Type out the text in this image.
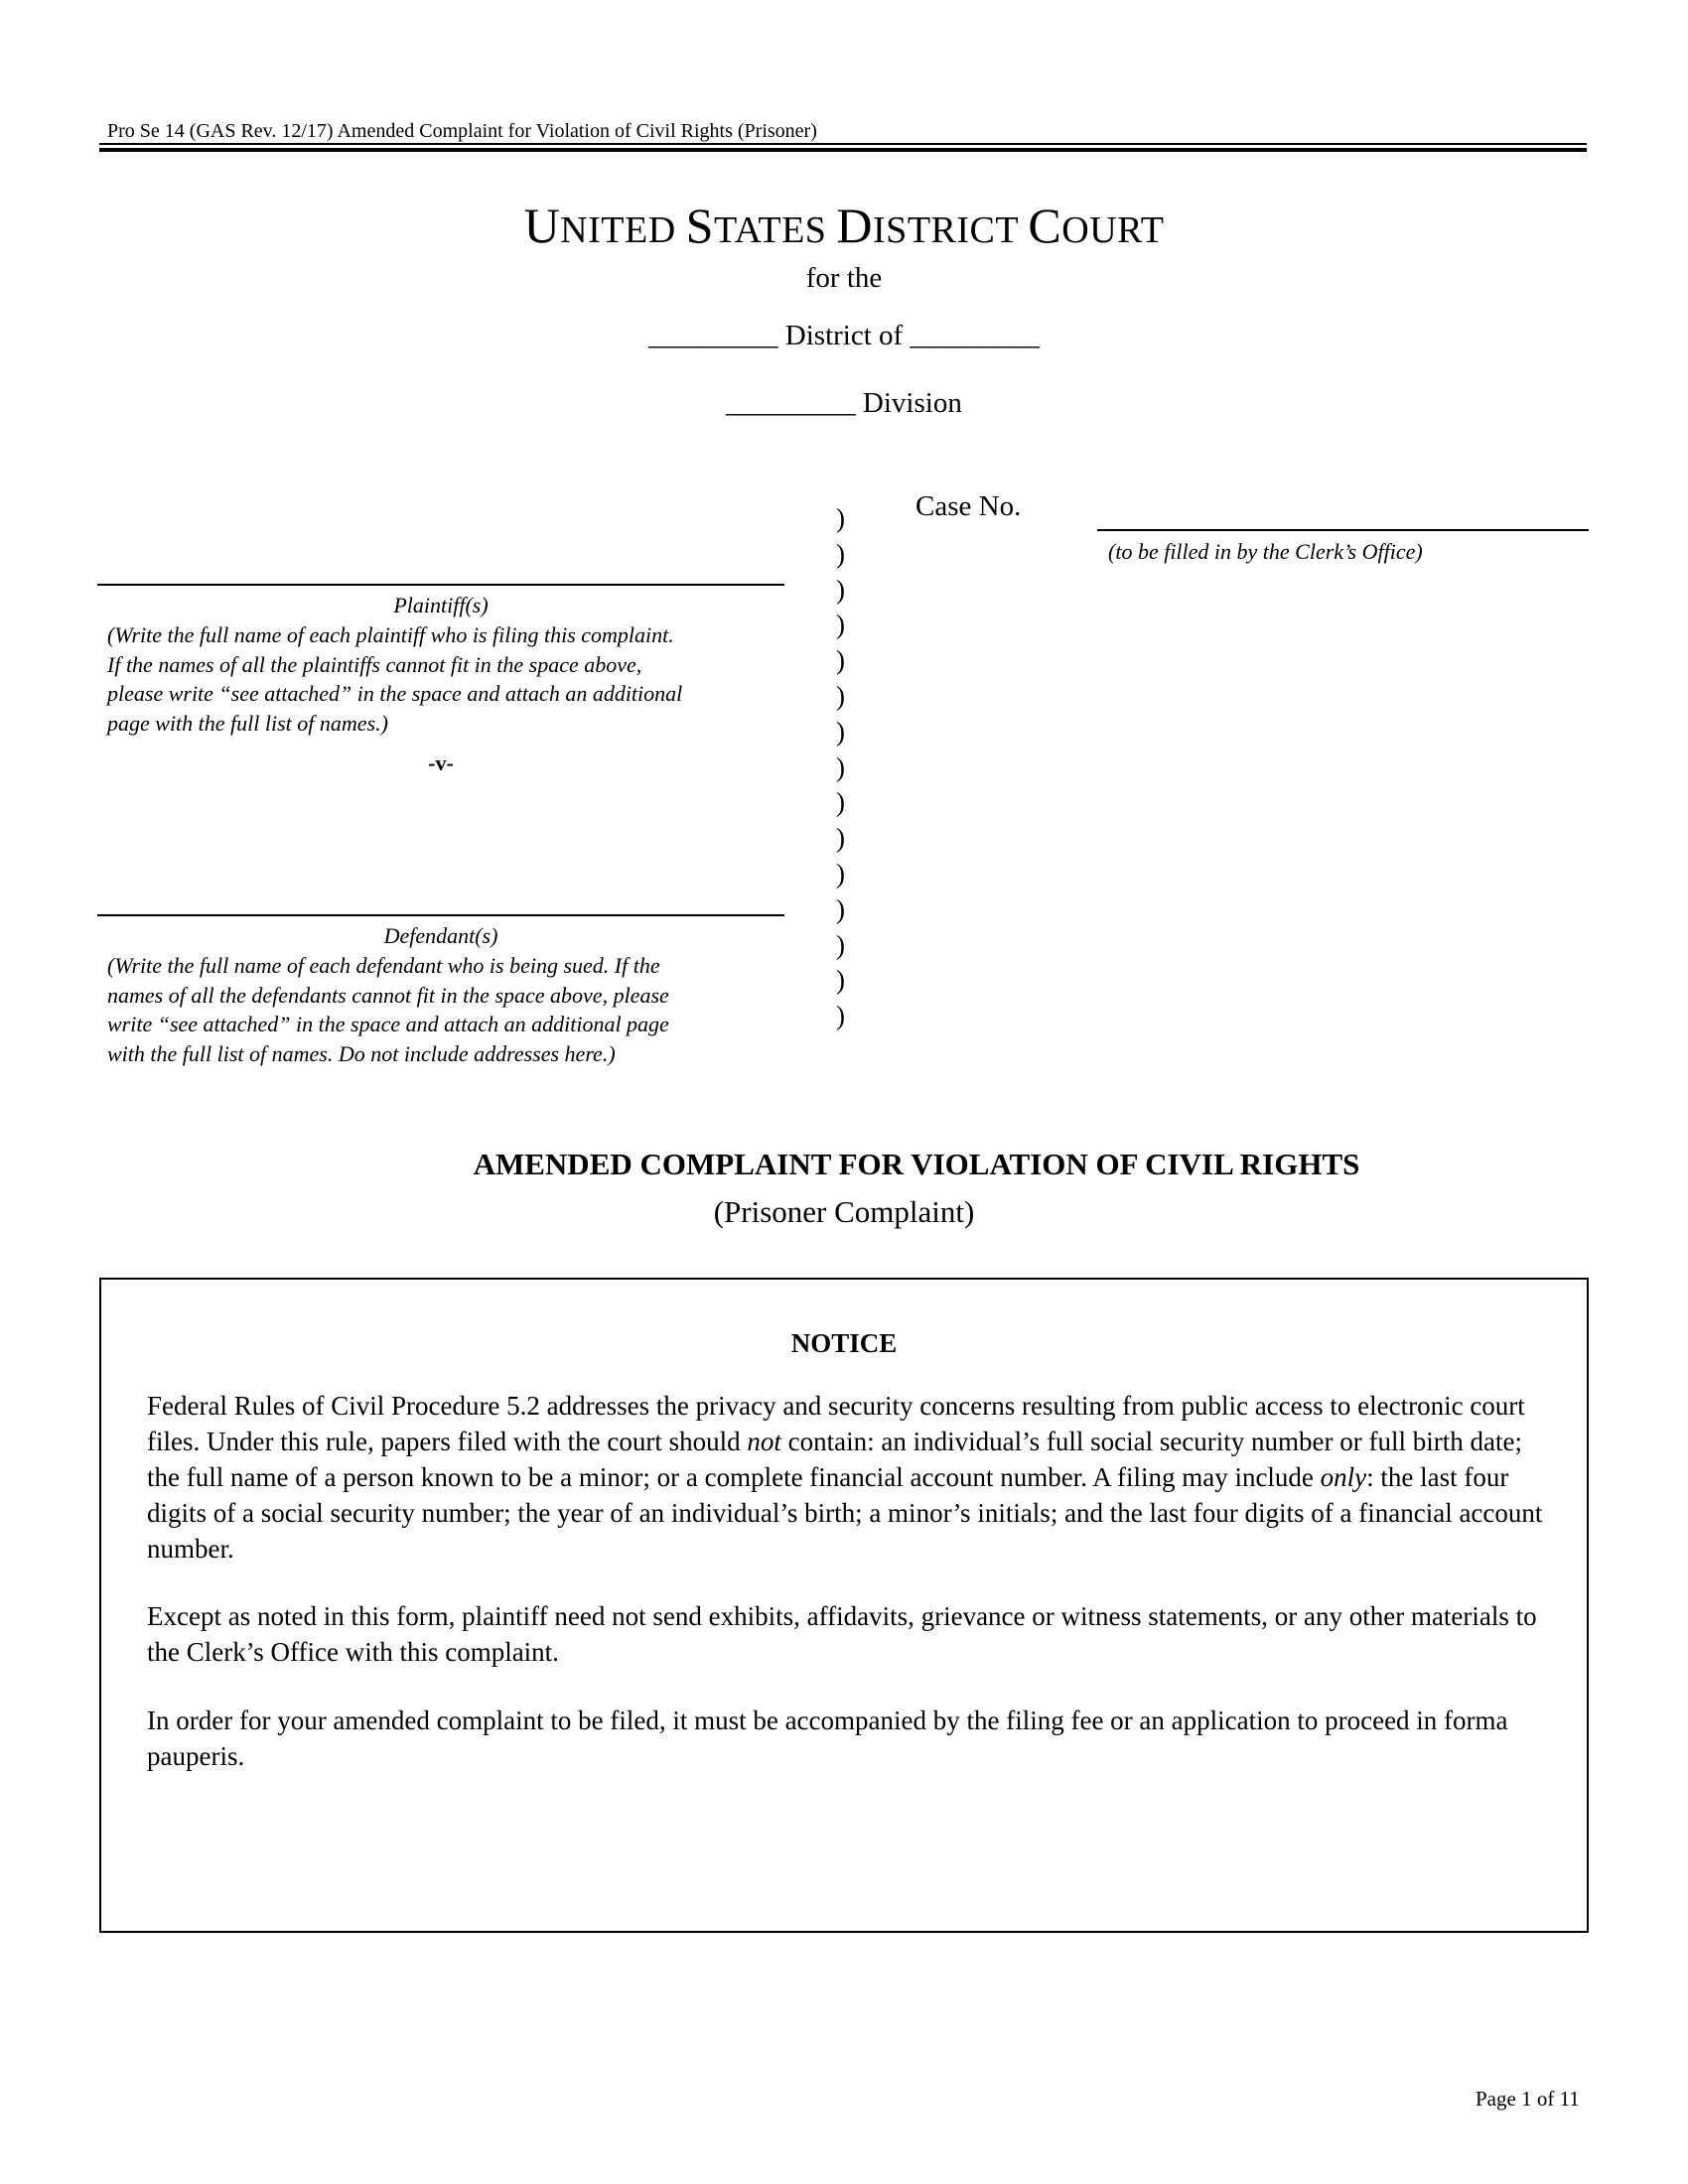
Pro Se 14 (GAS Rev. 12/17) Amended Complaint for Violation of Civil Rights (Prisoner)
UNITED STATES DISTRICT COURT
for the
_________ District of _________
_________ Division
Case No.
(to be filled in by the Clerk’s Office)
)
)
)
)
)
)
)
)
)
)
)
)
)
)
)
Plaintiff(s)
(Write the full name of each plaintiff who is filing this complaint.
If the names of all the plaintiffs cannot fit in the space above,
please write “see attached” in the space and attach an additional
page with the full list of names.)
-v-
Defendant(s)
(Write the full name of each defendant who is being sued. If the
names of all the defendants cannot fit in the space above, please
write “see attached” in the space and attach an additional page
with the full list of names. Do not include addresses here.)
AMENDED COMPLAINT FOR VIOLATION OF CIVIL RIGHTS
(Prisoner Complaint)
NOTICE
Federal Rules of Civil Procedure 5.2 addresses the privacy and security concerns resulting from public access to electronic court files. Under this rule, papers filed with the court should not contain: an individual’s full social security number or full birth date; the full name of a person known to be a minor; or a complete financial account number. A filing may include only: the last four digits of a social security number; the year of an individual’s birth; a minor’s initials; and the last four digits of a financial account number.
Except as noted in this form, plaintiff need not send exhibits, affidavits, grievance or witness statements, or any other materials to the Clerk’s Office with this complaint.
In order for your amended complaint to be filed, it must be accompanied by the filing fee or an application to proceed in forma pauperis.
Page 1 of 11
